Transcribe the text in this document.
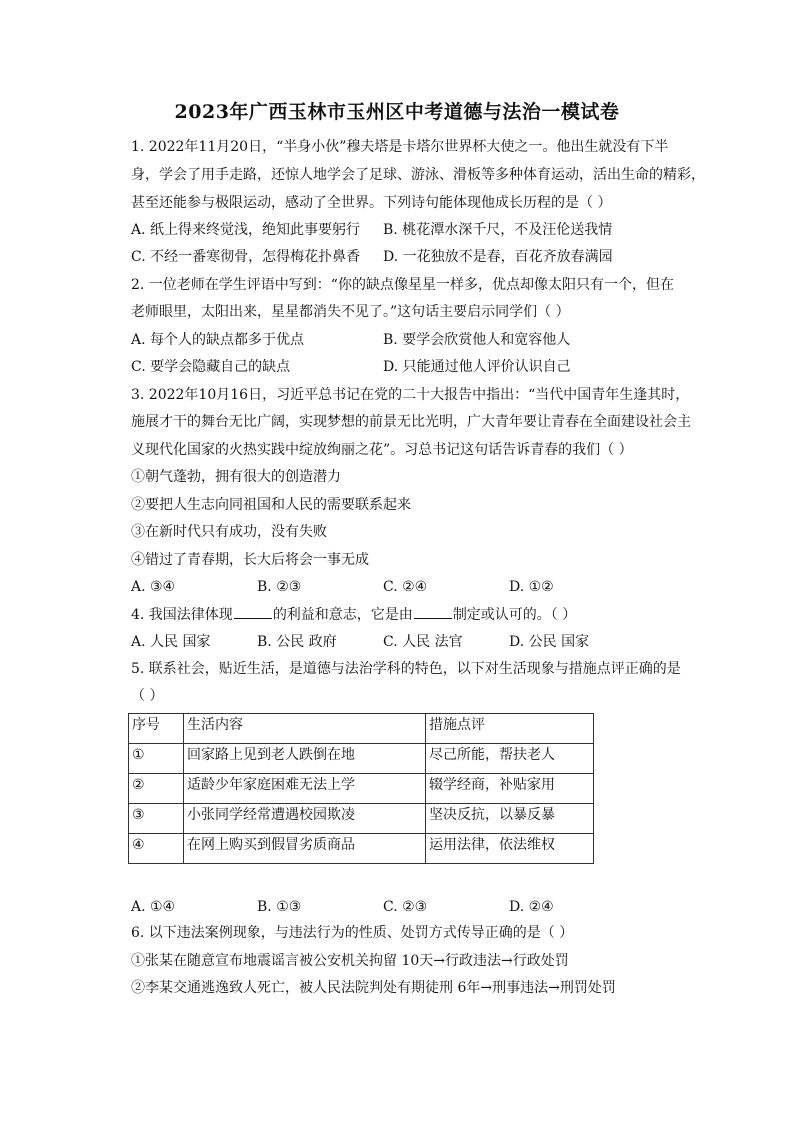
2023年广西玉林市玉州区中考道德与法治一模试卷
1. 2022年11月20日，“半身小伙”穆夫塔是卡塔尔世界杯大使之一。他出生就没有下半
身，学会了用手走路，还惊人地学会了足球、游泳、滑板等多种体育运动，活出生命的精彩，
甚至还能参与极限运动，感动了全世界。下列诗句能体现他成长历程的是（ ）
A. 纸上得来终觉浅，绝知此事要躬行 B. 桃花潭水深千尺，不及汪伦送我情
C. 不经一番寒彻骨，怎得梅花扑鼻香 D. 一花独放不是春，百花齐放春满园
2. 一位老师在学生评语中写到：“你的缺点像星星一样多，优点却像太阳只有一个，但在
老师眼里，太阳出来，星星都消失不见了。”这句话主要启示同学们（ ）
A. 每个人的缺点都多于优点	B. 要学会欣赏他人和宽容他人
C. 要学会隐藏自己的缺点	D. 只能通过他人评价认识自己
3. 2022年10月16日，习近平总书记在党的二十大报告中指出：“当代中国青年生逢其时，
施展才干的舞台无比广阔，实现梦想的前景无比光明，广大青年要让青春在全面建设社会主
义现代化国家的火热实践中绽放绚丽之花”。习总书记这句话告诉青春的我们（ ）
①朝气蓬勃，拥有很大的创造潜力
②要把人生志向同祖国和人民的需要联系起来
③在新时代只有成功，没有失败
④错过了青春期，长大后将会一事无成
A. ③④	B. ②③	C. ②④	D. ①②
4. 我国法律体现	的利益和意志，它是由	制定或认可的。（ ）
A. 人民 国家	B. 公民 政府	C. 人民 法官	D. 公民 国家
5. 联系社会，贴近生活，是道德与法治学科的特色，以下对生活现象与措施点评正确的是
（ ）
序号	生活内容	措施点评
①	回家路上见到老人跌倒在地	尽己所能，帮扶老人
②	适龄少年家庭困难无法上学	辍学经商，补贴家用
③	小张同学经常遭遇校园欺凌	坚决反抗，以暴反暴
④	在网上购买到假冒劣质商品	运用法律，依法维权
A. ①④	B. ①③	C. ②③	D. ②④
6. 以下违法案例现象，与违法行为的性质、处罚方式传导正确的是（ ）
①张某在随意宣布地震谣言被公安机关拘留 10天→行政违法→行政处罚
②李某交通逃逸致人死亡，被人民法院判处有期徒刑 6年→刑事违法→刑罚处罚
